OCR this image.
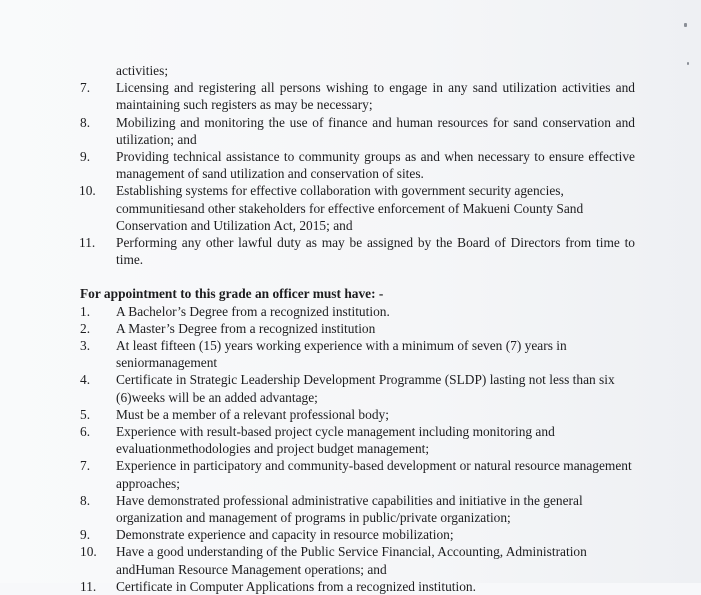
activities;

7.	Licensing and registering all persons wishing to engage in any sand utilization activities and maintaining such registers as may be necessary;
8.	Mobilizing and monitoring the use of finance and human resources for sand conservation and utilization; and
9.	Providing technical assistance to community groups as and when necessary to ensure effective management of sand utilization and conservation of sites.
10.	Establishing systems for effective collaboration with government security agencies, communitiesand other stakeholders for effective enforcement of Makueni County Sand Conservation and Utilization Act, 2015; and
11.	Performing any other lawful duty as may be assigned by the Board of Directors from time to time.

For appointment to this grade an officer must have: -

1.	A Bachelor’s Degree from a recognized institution.
2.	A Master’s Degree from a recognized institution
3.	At least fifteen (15) years working experience with a minimum of seven (7) years in seniormanagement
4.	Certificate in Strategic Leadership Development Programme (SLDP) lasting not less than six (6)weeks will be an added advantage;
5.	Must be a member of a relevant professional body;
6.	Experience with result-based project cycle management including monitoring and evaluationmethodologies and project budget management;
7.	Experience in participatory and community-based development or natural resource management approaches;
8.	Have demonstrated professional administrative capabilities and initiative in the general organization and management of programs in public/private organization;
9.	Demonstrate experience and capacity in resource mobilization;
10.	Have a good understanding of the Public Service Financial, Accounting, Administration andHuman Resource Management operations; and
11.	Certificate in Computer Applications from a recognized institution.
